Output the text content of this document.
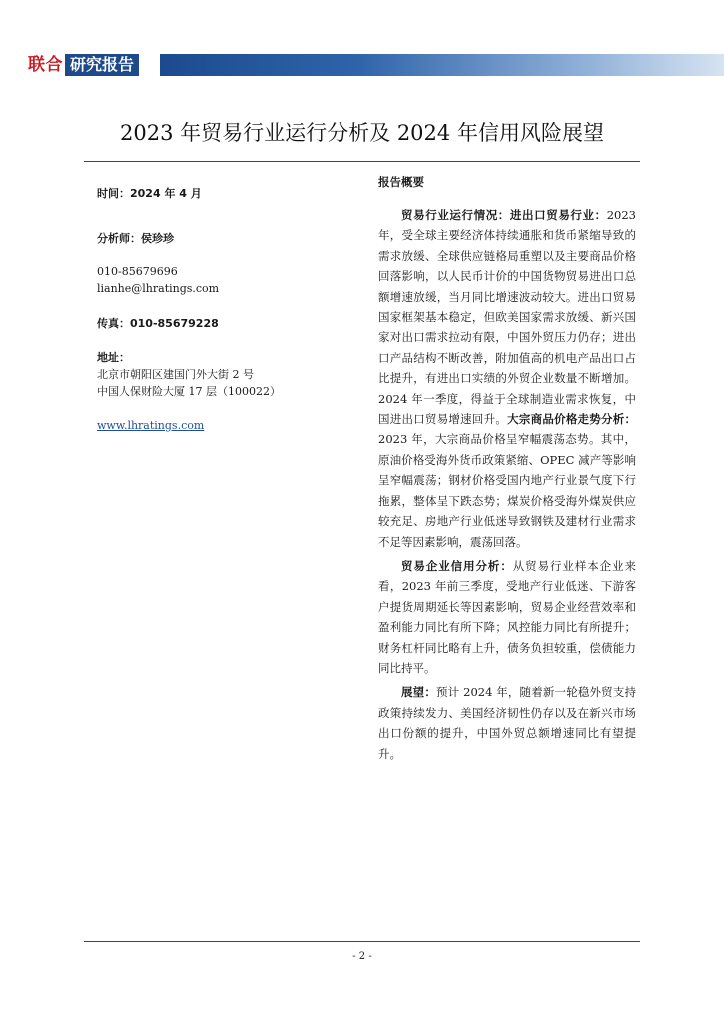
联合 研究报告
2023 年贸易行业运行分析及 2024 年信用风险展望
时间：2024 年 4 月
分析师：侯珍珍
010-85679696
lianhe@lhratings.com
传真：010-85679228
地址：
北京市朝阳区建国门外大街 2 号
中国人保财险大厦 17 层（100022）
www.lhratings.com
报告概要

贸易行业运行情况：进出口贸易行业：2023 年，受全球主要经济体持续通胀和货币紧缩导致的需求放缓、全球供应链格局重塑以及主要商品价格回落影响，以人民币计价的中国货物贸易进出口总额增速放缓，当月同比增速波动较大。进出口贸易国家框架基本稳定，但欧美国家需求放缓、新兴国家对出口需求拉动有限，中国外贸压力仍存；进出口产品结构不断改善，附加值高的机电产品出口占比提升，有进出口实绩的外贸企业数量不断增加。2024 年一季度，得益于全球制造业需求恢复，中国进出口贸易增速回升。大宗商品价格走势分析：2023 年，大宗商品价格呈窄幅震荡态势。其中，原油价格受海外货币政策紧缩、OPEC 减产等影响呈窄幅震荡；钢材价格受国内地产行业景气度下行拖累，整体呈下跌态势；煤炭价格受海外煤炭供应较充足、房地产行业低迷导致钢铁及建材行业需求不足等因素影响，震荡回落。

贸易企业信用分析：从贸易行业样本企业来看，2023 年前三季度，受地产行业低迷、下游客户提货周期延长等因素影响，贸易企业经营效率和盈利能力同比有所下降；风控能力同比有所提升；财务杠杆同比略有上升，债务负担较重，偿债能力同比持平。

展望：预计 2024 年，随着新一轮稳外贸支持政策持续发力、美国经济韧性仍存以及在新兴市场出口份额的提升，中国外贸总额增速同比有望提升。

- 2 -
